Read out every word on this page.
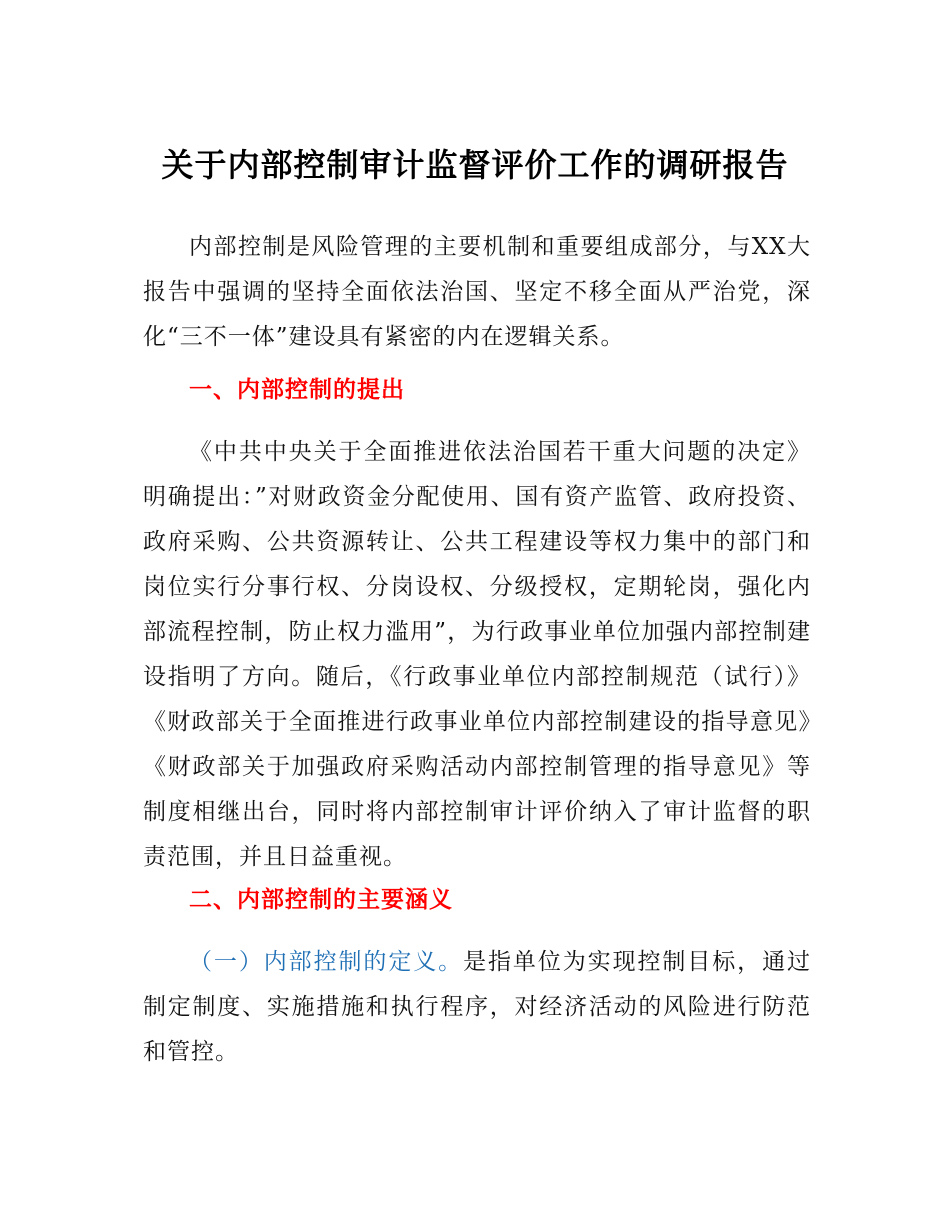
关于内部控制审计监督评价工作的调研报告

内部控制是风险管理的主要机制和重要组成部分，与XX大报告中强调的坚持全面依法治国、坚定不移全面从严治党，深化“三不一体”建设具有紧密的内在逻辑关系。

一、内部控制的提出

《中共中央关于全面推进依法治国若干重大问题的决定》明确提出：”对财政资金分配使用、国有资产监管、政府投资、政府采购、公共资源转让、公共工程建设等权力集中的部门和岗位实行分事行权、分岗设权、分级授权，定期轮岗，强化内部流程控制，防止权力滥用”，为行政事业单位加强内部控制建设指明了方向。随后，《行政事业单位内部控制规范（试行）》《财政部关于全面推进行政事业单位内部控制建设的指导意见》《财政部关于加强政府采购活动内部控制管理的指导意见》等制度相继出台，同时将内部控制审计评价纳入了审计监督的职责范围，并且日益重视。

二、内部控制的主要涵义

（一）内部控制的定义。是指单位为实现控制目标，通过制定制度、实施措施和执行程序，对经济活动的风险进行防范和管控。
